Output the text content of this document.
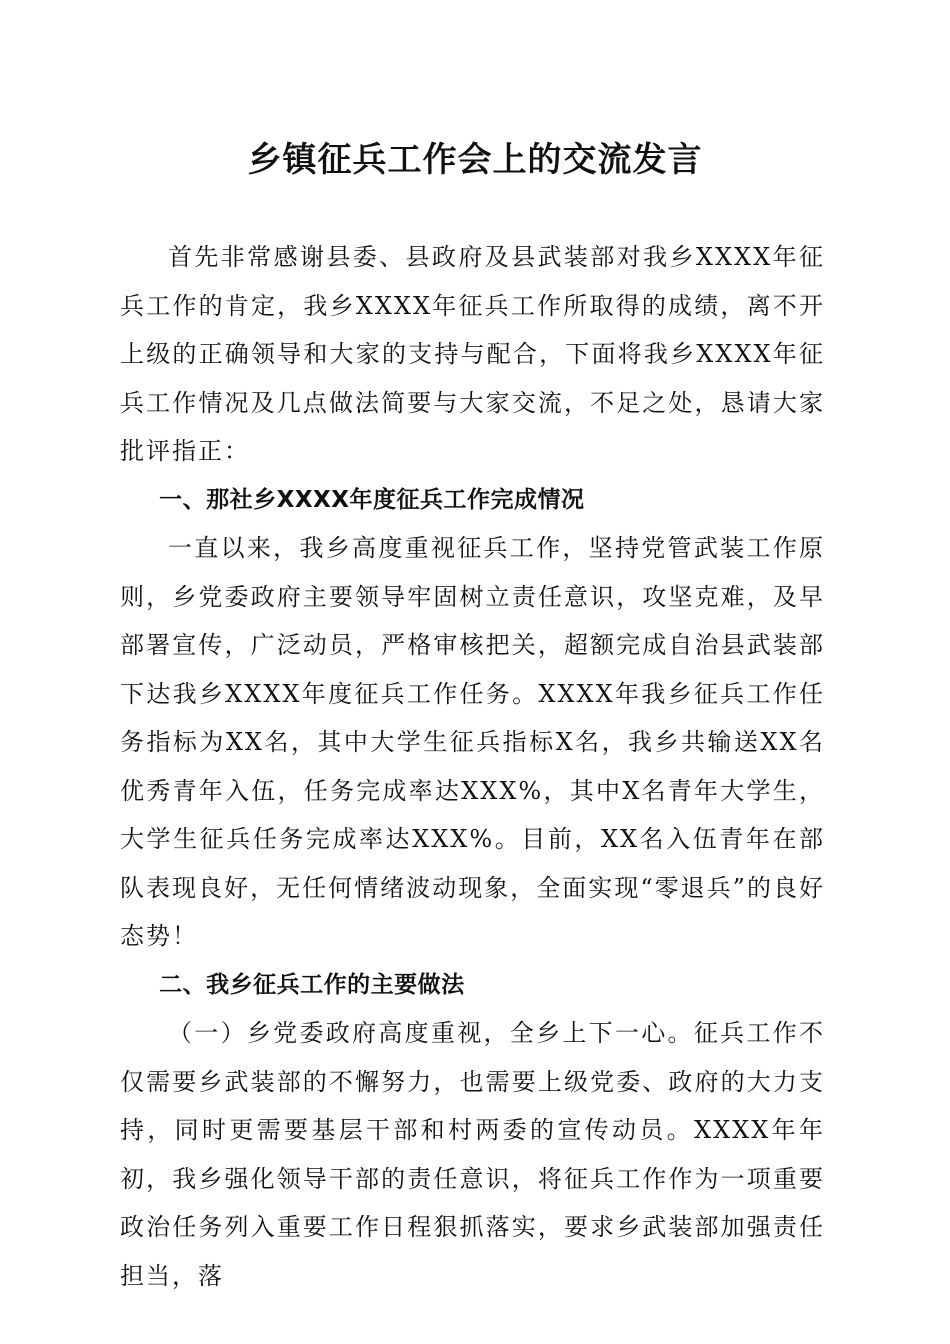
乡镇征兵工作会上的交流发言

首先非常感谢县委、县政府及县武装部对我乡XXXX年征兵工作的肯定，我乡XXXX年征兵工作所取得的成绩，离不开上级的正确领导和大家的支持与配合，下面将我乡XXXX年征兵工作情况及几点做法简要与大家交流，不足之处，恳请大家批评指正：

一、那社乡XXXX年度征兵工作完成情况

一直以来，我乡高度重视征兵工作，坚持党管武装工作原则，乡党委政府主要领导牢固树立责任意识，攻坚克难，及早部署宣传，广泛动员，严格审核把关，超额完成自治县武装部下达我乡XXXX年度征兵工作任务。XXXX年我乡征兵工作任务指标为XX名，其中大学生征兵指标X名，我乡共输送XX名优秀青年入伍，任务完成率达XXX%，其中X名青年大学生，大学生征兵任务完成率达XXX%。目前，XX名入伍青年在部队表现良好，无任何情绪波动现象，全面实现“零退兵”的良好态势！

二、我乡征兵工作的主要做法

（一）乡党委政府高度重视，全乡上下一心。征兵工作不仅需要乡武装部的不懈努力，也需要上级党委、政府的大力支持，同时更需要基层干部和村两委的宣传动员。XXXX年年初，我乡强化领导干部的责任意识，将征兵工作作为一项重要政治任务列入重要工作日程狠抓落实，要求乡武装部加强责任担当，落
